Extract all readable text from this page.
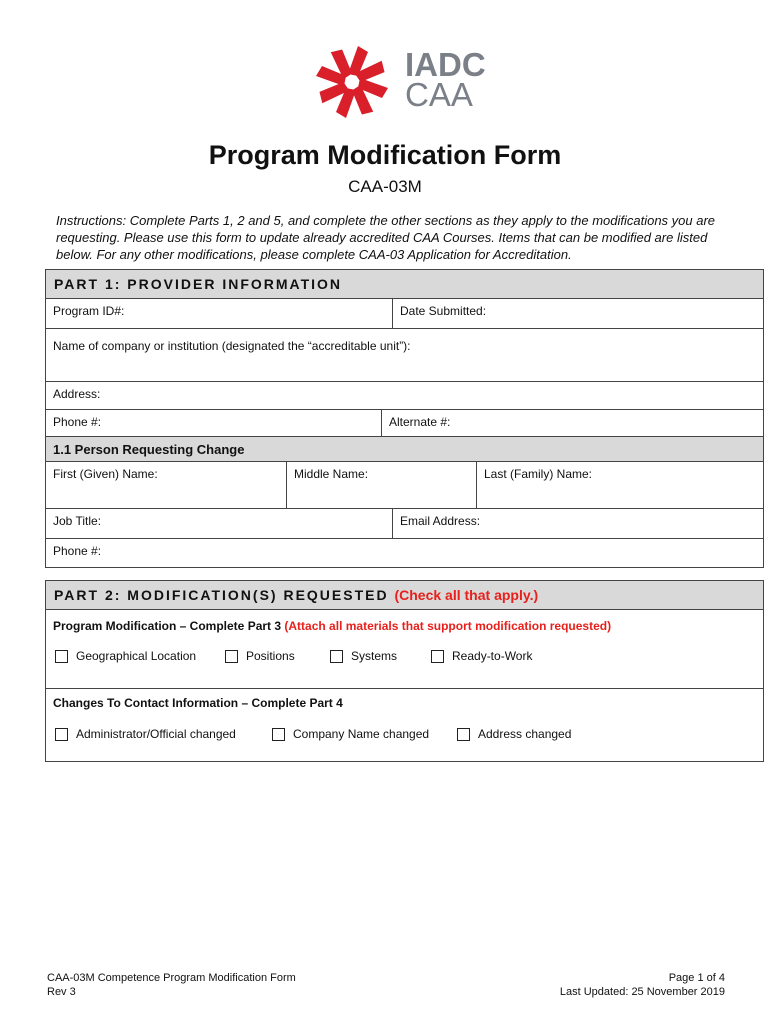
IADC
CAA
Program Modification Form
CAA-03M
Instructions: Complete Parts 1, 2 and 5, and complete the other sections as they apply to the modifications you are requesting. Please use this form to update already accredited CAA Courses. Items that can be modified are listed below. For any other modifications, please complete CAA-03 Application for Accreditation.
PART 1: PROVIDER INFORMATION
Program ID#:	Date Submitted:
Name of company or institution (designated the “accreditable unit”):
Address:
Phone #:	Alternate #:
1.1 Person Requesting Change
First (Given) Name:	Middle Name:	Last (Family) Name:
Job Title:	Email Address:
Phone #:
PART 2: MODIFICATION(S) REQUESTED (Check all that apply.)
Program Modification – Complete Part 3 (Attach all materials that support modification requested)
Geographical Location	Positions	Systems	Ready-to-Work
Changes To Contact Information – Complete Part 4
Administrator/Official changed	Company Name changed	Address changed
CAA-03M Competence Program Modification Form
Rev 3
Page 1 of 4
Last Updated: 25 November 2019
